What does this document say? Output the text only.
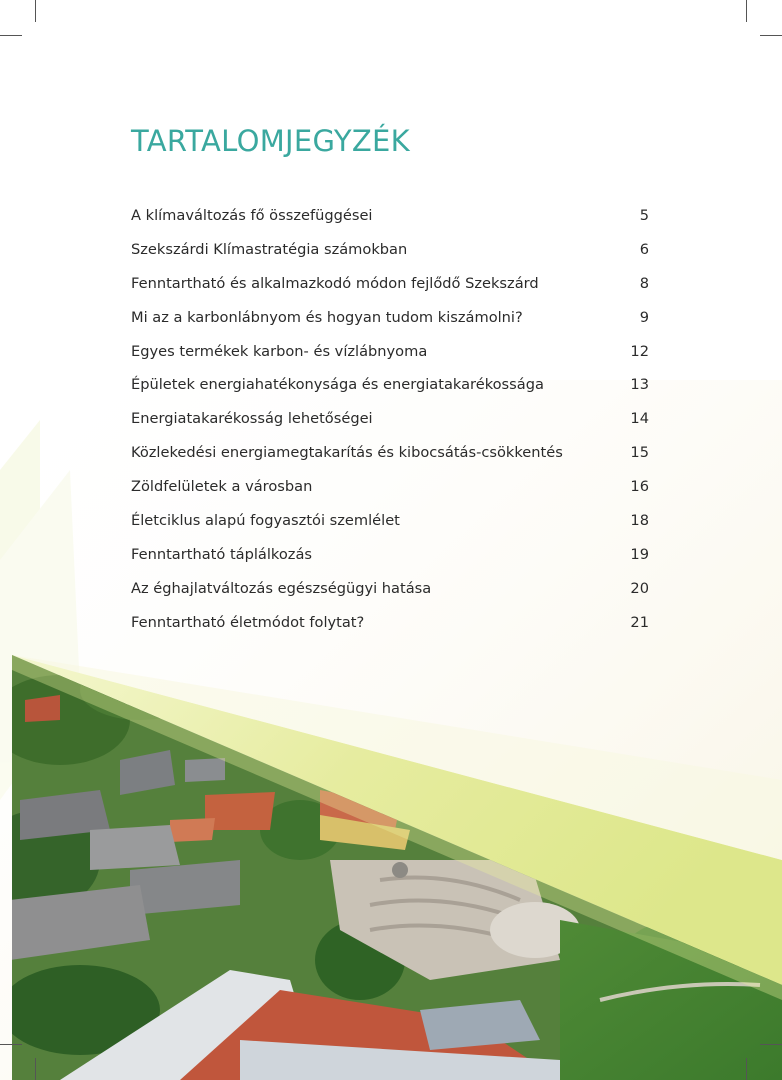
TARTALOMJEGYZÉK
A klímaváltozás fő összefüggései	5
Szekszárdi Klímastratégia számokban	6
Fenntartható és alkalmazkodó módon fejlődő Szekszárd	8
Mi az a karbonlábnyom és hogyan tudom kiszámolni?	9
Egyes termékek karbon- és vízlábnyoma	12
Épületek energiahatékonysága és energiatakarékossága	13
Energiatakarékosság lehetőségei	14
Közlekedési energiamegtakarítás és kibocsátás-csökkentés	15
Zöldfelületek a városban	16
Életciklus alapú fogyasztói szemlélet	18
Fenntartható táplálkozás	19
Az éghajlatváltozás egészségügyi hatása	20
Fenntartható életmódot folytat?	21
